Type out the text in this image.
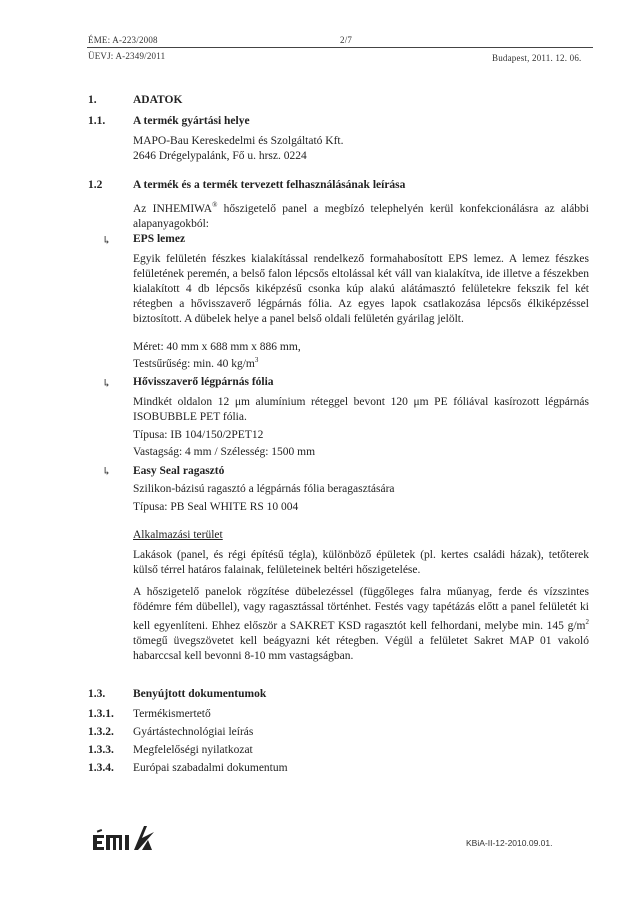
ÉME: A-223/2008	2/7
ÜEVJ: A-2349/2011	Budapest, 2011. 12. 06.
1.	ADATOK
1.1. A termék gyártási helye
MAPO-Bau Kereskedelmi és Szolgáltató Kft.
2646 Drégelypalánk, Fő u. hrsz. 0224
1.2	A termék és a termék tervezett felhasználásának leírása
Az INHEMIWA® hőszigetelő panel a megbízó telephelyén kerül konfekcionálásra az alábbi alapanyagokból:
↳ EPS lemez
Egyik felületén fészkes kialakítással rendelkező formahabosított EPS lemez. A lemez fészkes felületének peremén, a belső falon lépcsős eltolással két váll van kialakítva, ide illetve a fészekben kialakított 4 db lépcsős kiképzésű csonka kúp alakú alátámasztó felületekre fekszik fel két rétegben a hővisszaverő légpárnás fólia. Az egyes lapok csatlakozása lépcsős élkiképzéssel biztosított. A dübelek helye a panel belső oldali felületén gyárilag jelölt.
Méret: 40 mm x 688 mm x 886 mm,
Testsűrűség: min. 40 $kg/m^3$
↳ Hővisszaverő légpárnás fólia
Mindkét oldalon 12 μm alumínium réteggel bevont 120 μm PE fóliával kasírozott légpárnás ISOBUBBLE PET fólia.
Típusa: IB 104/150/2PET12
Vastagság: 4 mm / Szélesség: 1500 mm
↳ Easy Seal ragasztó
Szilikon-bázisú ragasztó a légpárnás fólia beragasztására
Típusa: PB Seal WHITE RS 10 004
Alkalmazási terület
Lakások (panel, és régi építésű tégla), különböző épületek (pl. kertes családi házak), tetőterek külső térrel határos falainak, felületeinek beltéri hőszigetelése.
A hőszigetelő panelok rögzítése dübelezéssel (függőleges falra műanyag, ferde és vízszintes födémre fém dübellel), vagy ragasztással történhet. Festés vagy tapétázás előtt a panel felületét ki kell egyenlíteni. Ehhez először a SAKRET KSD ragasztót kell felhordani, melybe min. 145 $g/m^2$ tömegű üvegszövetet kell beágyazni két rétegben. Végül a felületet Sakret MAP 01 vakoló habarccsal kell bevonni 8-10 mm vastagságban.
1.3. Benyújtott dokumentumok
1.3.1. Termékismertető
1.3.2. Gyártástechnológiai leírás
1.3.3. Megfelelőségi nyilatkozat
1.3.4. Európai szabadalmi dokumentum
KBiA-II-12-2010.09.01.
